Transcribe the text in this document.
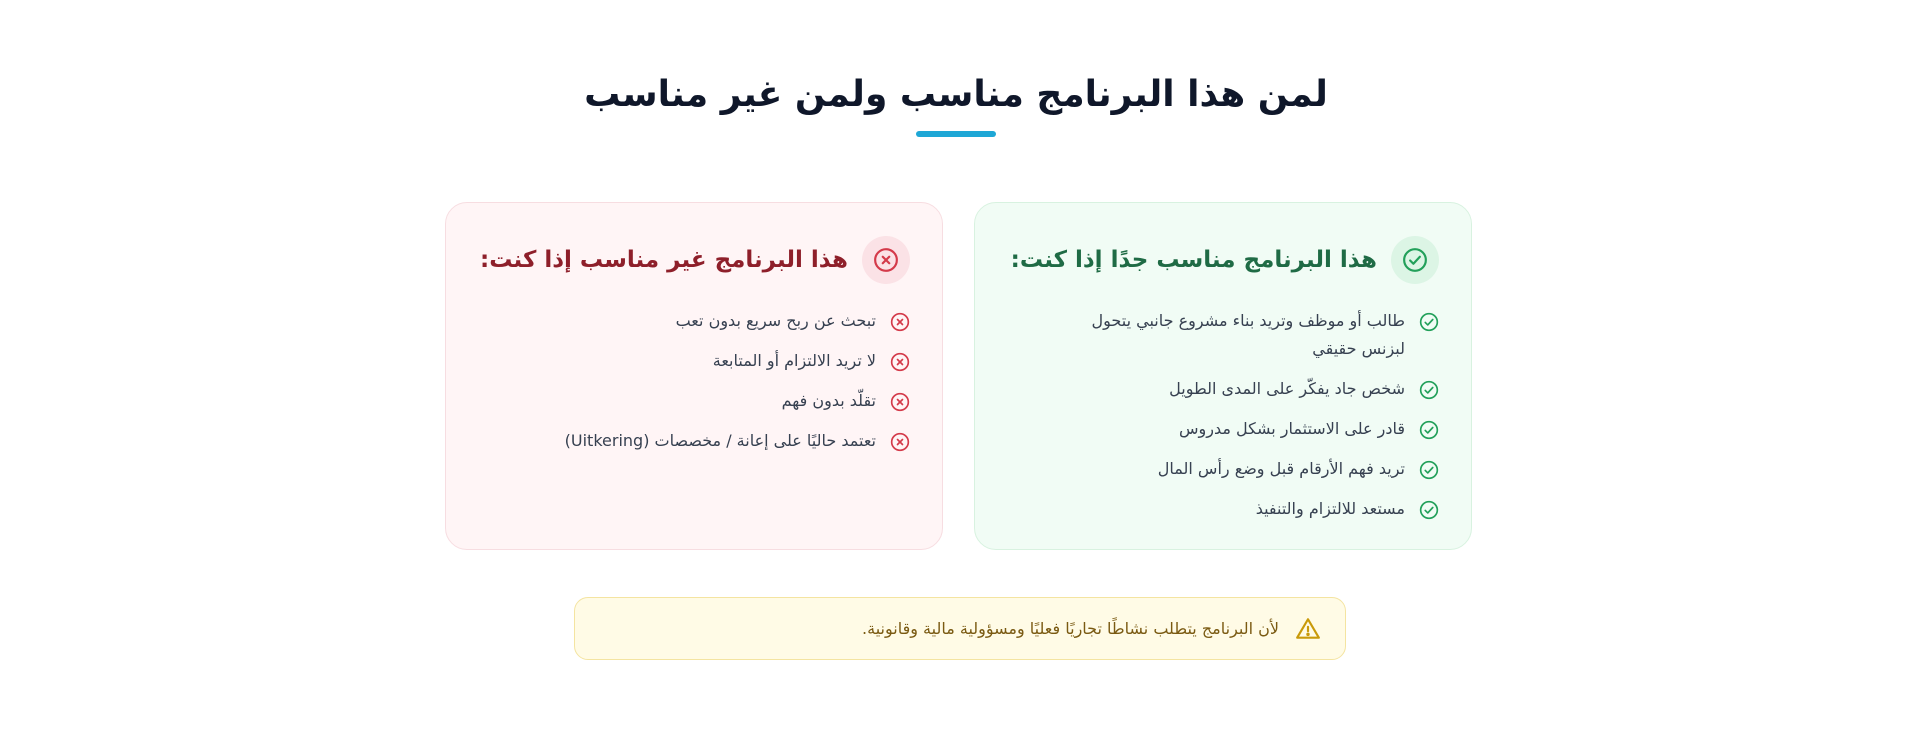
لمن هذا البرنامج مناسب ولمن غير مناسب
هذا البرنامج مناسب جدًا إذا كنت:
طالب أو موظف وتريد بناء مشروع جانبي يتحول لبزنس حقيقي
شخص جاد يفكّر على المدى الطويل
قادر على الاستثمار بشكل مدروس
تريد فهم الأرقام قبل وضع رأس المال
مستعد للالتزام والتنفيذ
هذا البرنامج غير مناسب إذا كنت:
تبحث عن ربح سريع بدون تعب
لا تريد الالتزام أو المتابعة
تقلّد بدون فهم
تعتمد حاليًا على إعانة / مخصصات (Uitkering)
لأن البرنامج يتطلب نشاطًا تجاريًا فعليًا ومسؤولية مالية وقانونية.
